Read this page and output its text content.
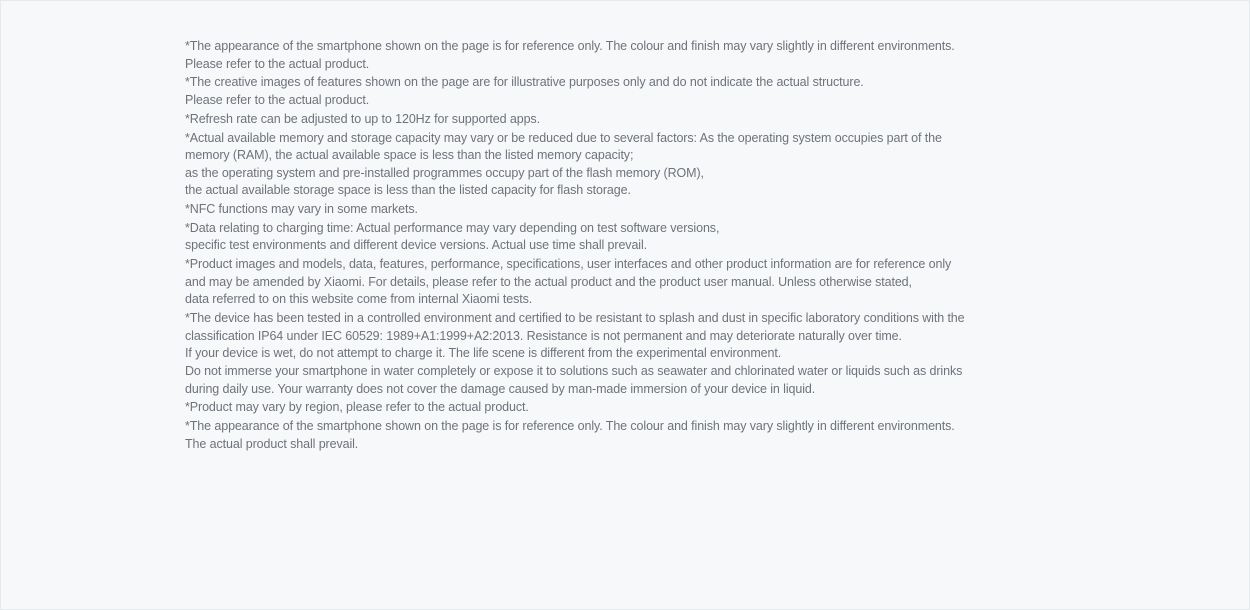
*The appearance of the smartphone shown on the page is for reference only. The colour and finish may vary slightly in different environments.
Please refer to the actual product.

*The creative images of features shown on the page are for illustrative purposes only and do not indicate the actual structure.
Please refer to the actual product.

*Refresh rate can be adjusted to up to 120Hz for supported apps.

*Actual available memory and storage capacity may vary or be reduced due to several factors: As the operating system occupies part of the
memory (RAM), the actual available space is less than the listed memory capacity;
as the operating system and pre-installed programmes occupy part of the flash memory (ROM),
the actual available storage space is less than the listed capacity for flash storage.

*NFC functions may vary in some markets.

*Data relating to charging time: Actual performance may vary depending on test software versions,
specific test environments and different device versions. Actual use time shall prevail.

*Product images and models, data, features, performance, specifications, user interfaces and other product information are for reference only
and may be amended by Xiaomi. For details, please refer to the actual product and the product user manual. Unless otherwise stated,
data referred to on this website come from internal Xiaomi tests.

*The device has been tested in a controlled environment and certified to be resistant to splash and dust in specific laboratory conditions with the
classification IP64 under IEC 60529: 1989+A1:1999+A2:2013. Resistance is not permanent and may deteriorate naturally over time.
If your device is wet, do not attempt to charge it. The life scene is different from the experimental environment.
Do not immerse your smartphone in water completely or expose it to solutions such as seawater and chlorinated water or liquids such as drinks
during daily use. Your warranty does not cover the damage caused by man-made immersion of your device in liquid.

*Product may vary by region, please refer to the actual product.

*The appearance of the smartphone shown on the page is for reference only. The colour and finish may vary slightly in different environments.
The actual product shall prevail.
